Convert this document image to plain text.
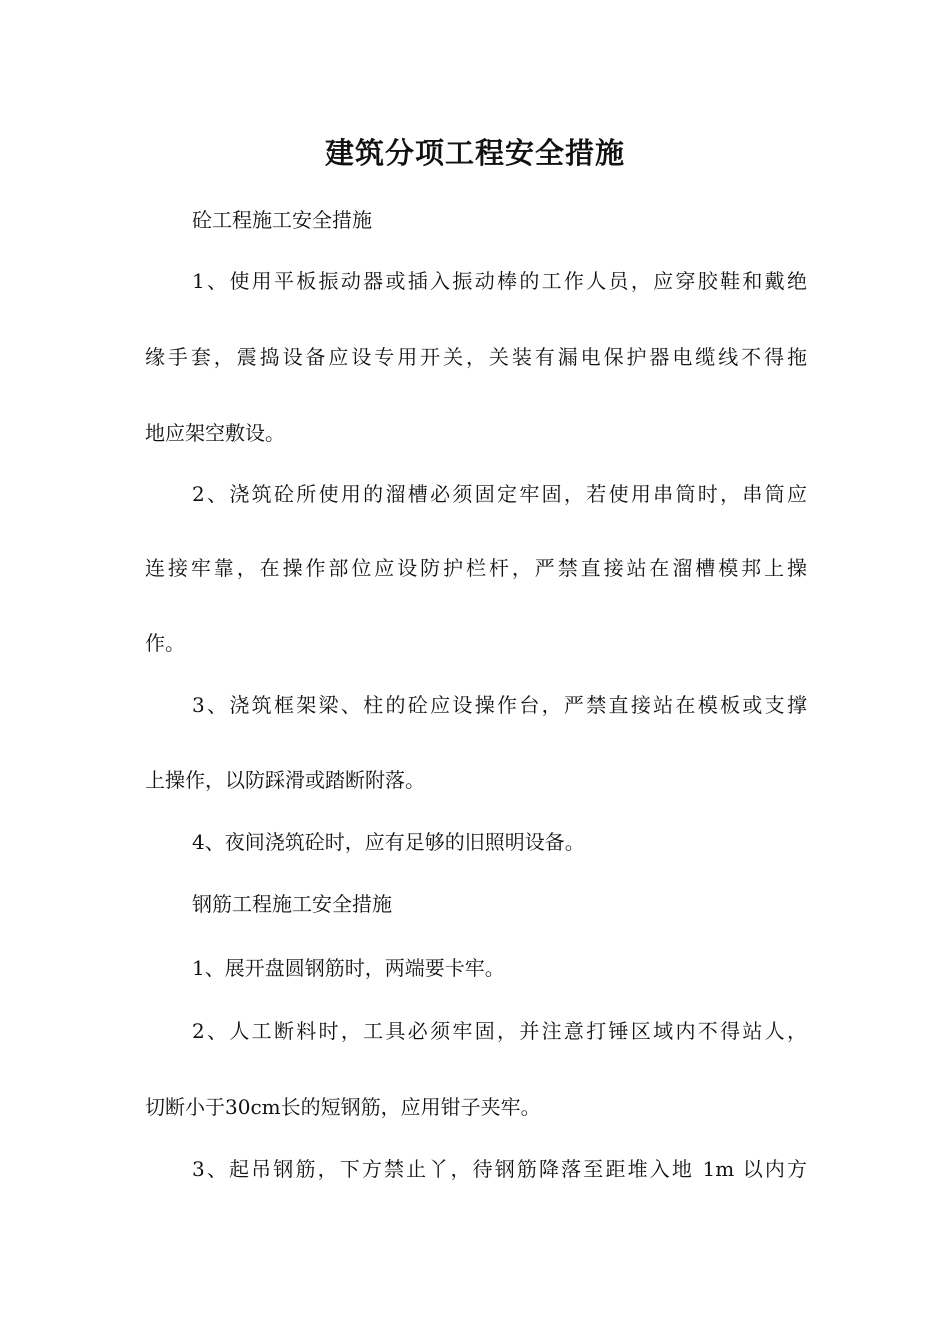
建筑分项工程安全措施
砼工程施工安全措施
1、使用平板振动器或插入振动棒的工作人员，应穿胶鞋和戴绝
缘手套，震捣设备应设专用开关，关装有漏电保护器电缆线不得拖
地应架空敷设。
2、浇筑砼所使用的溜槽必须固定牢固，若使用串筒时，串筒应
连接牢靠，在操作部位应设防护栏杆，严禁直接站在溜槽模邦上操
作。
3、浇筑框架梁、柱的砼应设操作台，严禁直接站在模板或支撑
上操作，以防踩滑或踏断附落。
4、夜间浇筑砼时，应有足够的旧照明设备。
钢筋工程施工安全措施
1、展开盘圆钢筋时，两端要卡牢。
2、人工断料时，工具必须牢固，并注意打锤区域内不得站人，
切断小于30cm长的短钢筋，应用钳子夹牢。
3、起吊钢筋，下方禁止丫，待钢筋降落至距堆入地 1m 以内方
